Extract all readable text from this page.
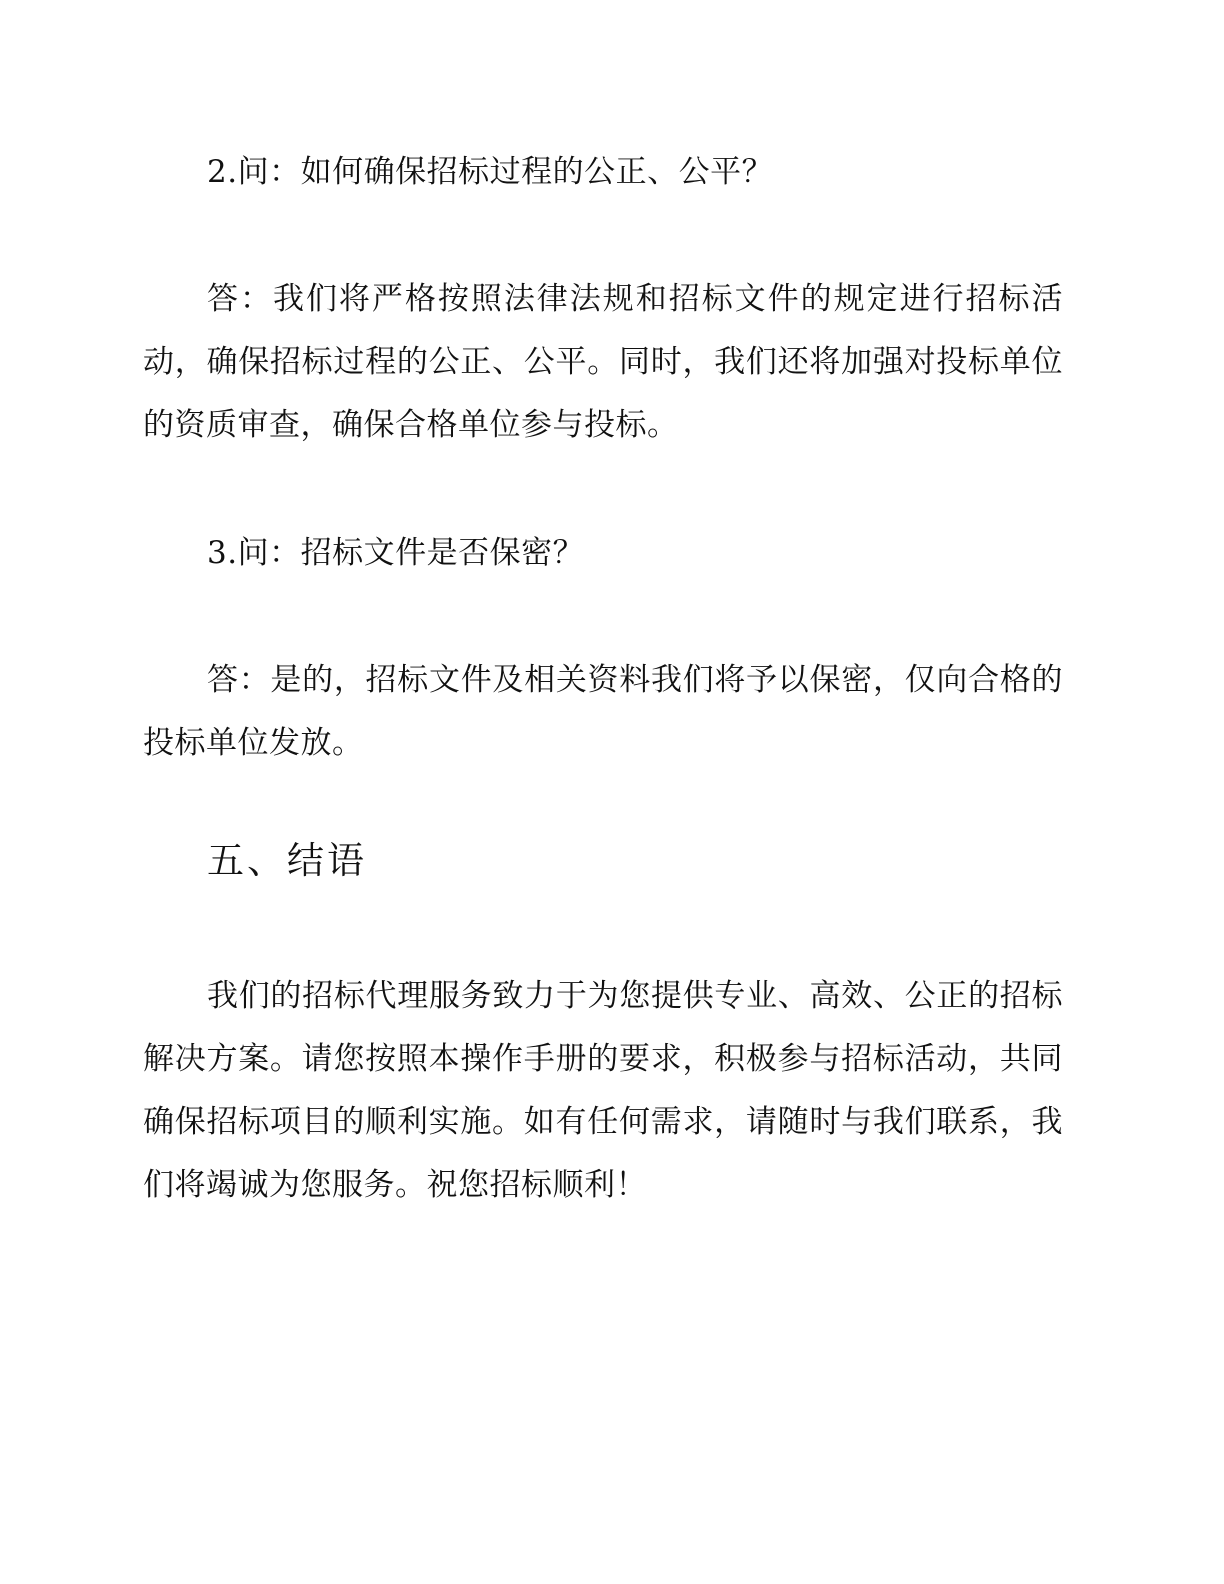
2.问：如何确保招标过程的公正、公平？

答：我们将严格按照法律法规和招标文件的规定进行招标活动，确保招标过程的公正、公平。同时，我们还将加强对投标单位的资质审查，确保合格单位参与投标。

3.问：招标文件是否保密？

答：是的，招标文件及相关资料我们将予以保密，仅向合格的投标单位发放。

五、结语

我们的招标代理服务致力于为您提供专业、高效、公正的招标解决方案。请您按照本操作手册的要求，积极参与招标活动，共同确保招标项目的顺利实施。如有任何需求，请随时与我们联系，我们将竭诚为您服务。祝您招标顺利！
